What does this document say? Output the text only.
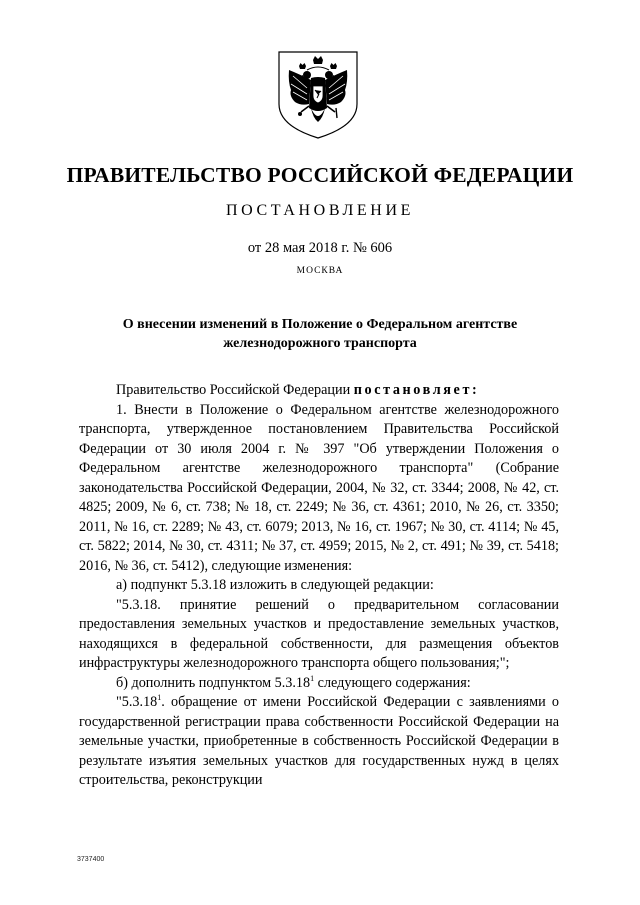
ПРАВИТЕЛЬСТВО РОССИЙСКОЙ ФЕДЕРАЦИИ
ПОСТАНОВЛЕНИЕ
от 28 мая 2018 г. № 606
МОСКВА
О внесении изменений в Положение о Федеральном агентстве
железнодорожного транспорта

Правительство Российской Федерации постановляет:

1. Внести в Положение о Федеральном агентстве железнодорожного транспорта, утвержденное постановлением Правительства Российской Федерации от 30 июля 2004 г. № 397 "Об утверждении Положения о Федеральном агентстве железнодорожного транспорта" (Собрание законодательства Российской Федерации, 2004, № 32, ст. 3344; 2008, № 42, ст. 4825; 2009, № 6, ст. 738; № 18, ст. 2249; № 36, ст. 4361; 2010, № 26, ст. 3350; 2011, № 16, ст. 2289; № 43, ст. 6079; 2013, № 16, ст. 1967; № 30, ст. 4114; № 45, ст. 5822; 2014, № 30, ст. 4311; № 37, ст. 4959; 2015, № 2, ст. 491; № 39, ст. 5418; 2016, № 36, ст. 5412), следующие изменения:

а) подпункт 5.3.18 изложить в следующей редакции:

"5.3.18. принятие решений о предварительном согласовании предоставления земельных участков и предоставление земельных участков, находящихся в федеральной собственности, для размещения объектов инфраструктуры железнодорожного транспорта общего пользования;";

б) дополнить подпунктом 5.3.18$^1$ следующего содержания:

"5.3.18$^1$. обращение от имени Российской Федерации с заявлениями о государственной регистрации права собственности Российской Федерации на земельные участки, приобретенные в собственность Российской Федерации в результате изъятия земельных участков для государственных нужд в целях строительства, реконструкции

3737400
